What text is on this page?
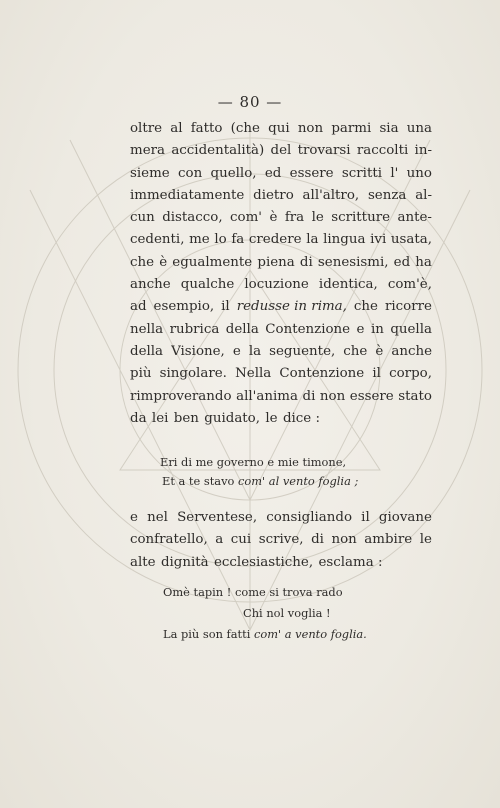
— 80 —
oltre al fatto (che qui non parmi sia una
mera accidentalità) del trovarsi raccolti in-
sieme con quello, ed essere scritti l' uno
immediatamente dietro all'altro, senza al-
cun distacco, com' è fra le scritture ante-
cedenti, me lo fa credere la lingua ivi usata,
che è egualmente piena di senesismi, ed ha
anche qualche locuzione identica, com'è,
ad esempio, il redusse in rima, che ricorre
nella rubrica della Contenzione e in quella
della Visione, e la seguente, che è anche
più singolare. Nella Contenzione il corpo,
rimproverando all'anima di non essere stato
da lei ben guidato, le dice :
Eri di me governo e mie timone,
Et a te stavo com' al vento foglia ;
e nel Serventese, consigliando il giovane
confratello, a cui scrive, di non ambire le
alte dignità ecclesiastiche, esclama :
Omè tapin ! come si trova rado
Chi nol voglia !
La più son fatti com' a vento foglia.
